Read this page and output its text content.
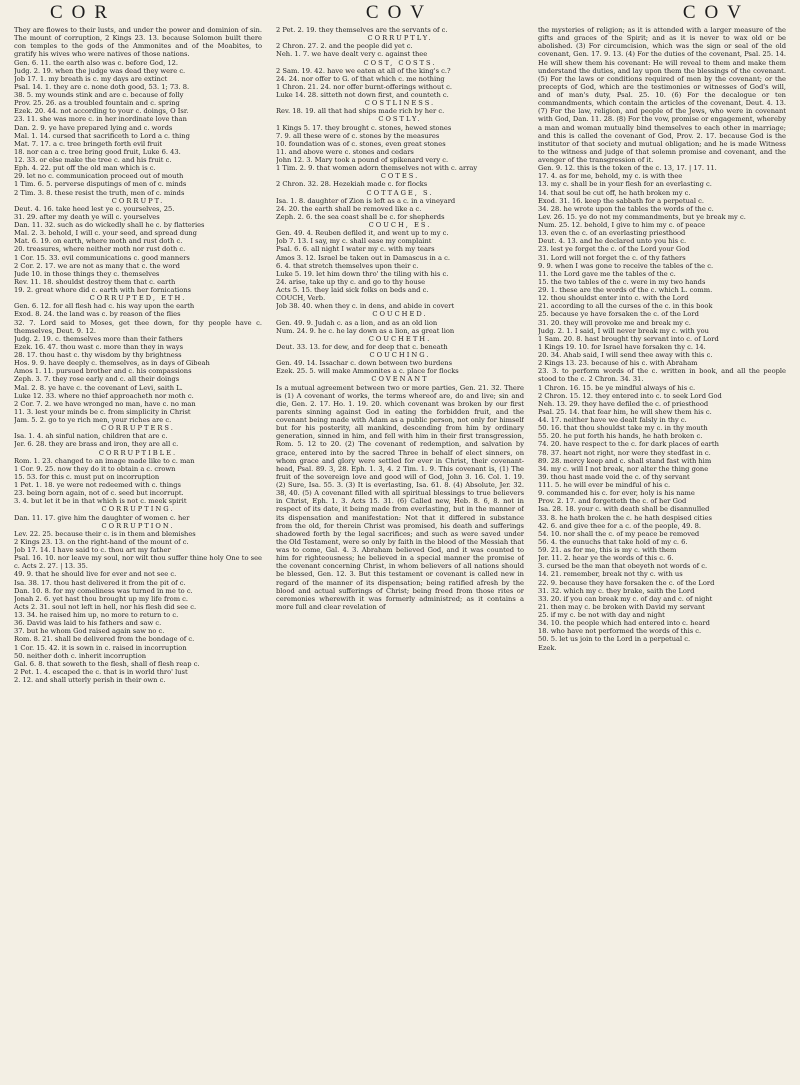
COR	COV	COV

They are flowes to their lusts, and under the power and dominion of sin. The mount of corruption, 2 Kings 23. 13. because Solomon built there con temples to the gods of the Ammonites and of the Moabites, to gratify his wives who were natives of those nations.

Gen. 6. 11. the earth also was c. before God, 12.

Judg. 2. 19. when the judge was dead they were c.

Job 17. 1. my breath is c. my days are extinct

Psal. 14. 1. they are c. none doth good, 53. 1; 73. 8.

38. 5. my wounds stink and are c. because of folly

Prov. 25. 26. as a troubled fountain and c. spring

Ezek. 20. 44. not according to your c. doings, O Isr.

23. 11. she was more c. in her inordinate love than

Dan. 2. 9. ye have prepared lying and c. words

Mal. 1. 14. cursed that sacrificeth to Lord a c. thing

Mat. 7. 17. a c. tree bringeth forth evil fruit

18. nor can a c. tree bring good fruit, Luke 6. 43.

12. 33. or else make the tree c. and his fruit c.

Eph. 4. 22. put off the old man which is c.

29. let no c. communication proceed out of mouth

1 Tim. 6. 5. perverse disputings of men of c. minds

2 Tim. 3. 8. these resist the truth, men of c. minds

CORRUPT.

Deut. 4. 16. take heed lest ye c. yourselves, 25.

31. 29. after my death ye will c. yourselves

Dan. 11. 32. such as do wickedly shall he c. by flatteries

Mal. 2. 3. behold, I will c. your seed, and spread dung

Mat. 6. 19. on earth, where moth and rust doth c.

20. treasures, where neither moth nor rust doth c.

1 Cor. 15. 33. evil communications c. good manners

2 Cor. 2. 17. we are not as many that c. the word

Jude 10. in those things they c. themselves

Rev. 11. 18. shouldst destroy them that c. earth

19. 2. great whore did c. earth with her fornications

CORRUPTED, ETH.

Gen. 6. 12. for all flesh had c. his way upon the earth

Exod. 8. 24. the land was c. by reason of the flies

32. 7. Lord said to Moses, get thee down, for thy people have c. themselves, Deut. 9. 12.

Judg. 2. 19. c. themselves more than their fathers

Ezek. 16. 47. thou wast c. more than they in ways

28. 17. thou hast c. thy wisdom by thy brightness

Hos. 9. 9. have deeply c. themselves, as in days of Gibeah

Amos 1. 11. pursued brother and c. his compassions

Zeph. 3. 7. they rose early and c. all their doings

Mal. 2. 8. ye have c. the covenant of Levi, saith L.

Luke 12. 33. where no thief approacheth nor moth c.

2 Cor. 7. 2. we have wronged no man, have c. no man

11. 3. lest your minds be c. from simplicity in Christ

Jam. 5. 2. go to ye rich men, your riches are c.

CORRUPTERS.

Isa. 1. 4. ah sinful nation, children that are c.

Jer. 6. 28. they are brass and iron, they are all c.

CORRUPTIBLE.

Rom. 1. 23. changed to an image made like to c. man

1 Cor. 9. 25. now they do it to obtain a c. crown

15. 53. for this c. must put on incorruption

1 Pet. 1. 18. ye were not redeemed with c. things

23. being born again, not of c. seed but incorrupt.

3. 4. but let it be in that which is not c. meek spirit

CORRUPTING.

Dan. 11. 17. give him the daughter of women c. her

CORRUPTION.

Lev. 22. 25. because their c. is in them and blemishes

2 Kings 23. 13. on the right-hand of the mount of c.

Job 17. 14. I have said to c. thou art my father

Psal. 16. 10. nor leave my soul, nor wilt thou suffer thine holy One to see c. Acts 2. 27. | 13. 35.

49. 9. that he should live for ever and not see c.

Isa. 38. 17. thou hast delivered it from the pit of c.

Dan. 10. 8. for my comeliness was turned in me to c.

Jonah 2. 6. yet hast thou brought up my life from c.

Acts 2. 31. soul not left in hell, nor his flesh did see c.

13. 34. he raised him up, no more to return to c.

36. David was laid to his fathers and saw c.

37. but he whom God raised again saw no c.

Rom. 8. 21. shall be delivered from the bondage of c.

1 Cor. 15. 42. it is sown in c. raised in incorruption

50. neither doth c. inherit incorruption

Gal. 6. 8. that soweth to the flesh, shall of flesh reap c.

2 Pet. 1. 4. escaped the c. that is in world thro' lust

2. 12. and shall utterly perish in their own c.

2 Pet. 2. 19. they themselves are the servants of c.

CORRUPTLY.

2 Chron. 27. 2. and the people did yet c.

Neh. 1. 7. we have dealt very c. against thee

COST, COSTS.

2 Sam. 19. 42. have we eaten at all of the king's c.?

24. 24. nor offer to G. of that which c. me nothing

1 Chron. 21. 24. nor offer burnt-offerings without c.

Luke 14. 28. sitteth not down first, and counteth c.

COSTLINESS.

Rev. 18. 19. all that had ships made rich by her c.

COSTLY.

1 Kings 5. 17. they brought c. stones, hewed stones

7. 9. all these were of c. stones by the measures

10. foundation was of c. stones, even great stones

11. and above were c. stones and cedars

John 12. 3. Mary took a pound of spikenard very c.

1 Tim. 2. 9. that women adorn themselves not with c. array

COTES.

2 Chron. 32. 28. Hezekiah made c. for flocks

COTTAGE, S.

Isa. 1. 8. daughter of Zion is left as a c. in a vineyard

24. 20. the earth shall be removed like a c.

Zeph. 2. 6. the sea coast shall be c. for shepherds

COUCH, ES.

Gen. 49. 4. Reuben defiled it, and went up to my c.

Job 7. 13. I say, my c. shall ease my complaint

Psal. 6. 6. all night I water my c. with my tears

Amos 3. 12. Israel be taken out in Damascus in a c.

6. 4. that stretch themselves upon their c.

Luke 5. 19. let him down thro' the tiling with his c.

24. arise, take up thy c. and go to thy house

Acts 5. 15. they laid sick folks on beds and c.

COUCH, Verb.

Job 38. 40. when they c. in dens, and abide in covert

COUCHED.

Gen. 49. 9. Judah c. as a lion, and as an old lion

Num. 24. 9. he c. he lay down as a lion, as great lion

COUCHETH.

Deut. 33. 13. for dew, and for deep that c. beneath

COUCHING.

Gen. 49. 14. Issachar c. down between two burdens

Ezek. 25. 5. will make Ammonites a c. place for flocks

COVENANT

Is a mutual agreement between two or more parties, Gen. 21. 32. There is (1) A covenant of works, the terms whereof are, do and live; sin and die, Gen. 2. 17. Ho. 1. 19. 20. which covenant was broken by our first parents sinning against God in eating the forbidden fruit, and the covenant being made with Adam as a public person, not only for himself but for his posterity, all mankind, descending from him by ordinary generation, sinned in him, and fell with him in their first transgression, Rom. 5. 12 to 20. (2) The covenant of redemption, and salvation by grace, entered into by the sacred Three in behalf of elect sinners, on whom grace and glory were settled for ever in Christ, their covenant-head, Psal. 89. 3, 28. Eph. 1. 3, 4. 2 Tim. 1. 9. This covenant is, (1) The fruit of the sovereign love and good will of God, John 3. 16. Col. 1. 19. (2) Sure, Isa. 55. 3. (3) It is everlasting, Isa. 61. 8. (4) Absolute, Jer. 32. 38, 40. (5) A covenant filled with all spiritual blessings to true believers in Christ, Eph. 1. 3. Acts 15. 31. (6) Called new, Heb. 8. 6, 8. not in respect of its date, it being made from everlasting, but in the manner of its dispensation and manifestation: Not that it differed in substance from the old, for therein Christ was promised, his death and sufferings shadowed forth by the legal sacrifices; and such as were saved under the Old Testament, were so only by faith in the blood of the Messiah that was to come, Gal. 4. 3. Abraham believed God, and it was counted to him for righteousness; he believed in a special manner the promise of the covenant concerning Christ, in whom believers of all nations should be blessed, Gen. 12. 3. But this testament or covenant is called new in regard of the manner of its dispensation; being ratified afresh by the blood and actual sufferings of Christ; being freed from those rites or ceremonies wherewith it was formerly administred; as it contains a more full and clear revelation of

the mysteries of religion; as it is attended with a larger measure of the gifts and graces of the Spirit; and as it is never to wax old or be abolished. (3) For circumcision, which was the sign or seal of the old covenant, Gen. 17. 9. 13. (4) For the duties of the covenant, Psal. 25. 14. He will shew them his covenant: He will reveal to them and make them understand the duties, and lay upon them the blessings of the covenant. (5) For the laws or conditions required of men by the covenant; or the precepts of God, which are the testimonies or witnesses of God's will, and of man's duty, Psal. 25. 10. (6) For the decalogue or ten commandments, which contain the articles of the covenant, Deut. 4. 13. (7) For the law, religion, and people of the Jews, who were in covenant with God, Dan. 11. 28. (8) For the vow, promise or engagement, whereby a man and woman mutually bind themselves to each other in marriage; and this is called the covenant of God, Prov. 2. 17. because God is the institutor of that society and mutual obligation; and he is made Witness to the witness and judge of that solemn promise and covenant, and the avenger of the transgression of it.

Gen. 9. 12. this is the token of the c. 13, 17. | 17. 11.

17. 4. as for me, behold, my c. is with thee

13. my c. shall be in your flesh for an everlasting c.

14. that soul be cut off, he hath broken my c.

Exod. 31. 16. keep the sabbath for a perpetual c.

34. 28. he wrote upon the tables the words of the c.

Lev. 26. 15. ye do not my commandments, but ye break my c.

Num. 25. 12. behold, I give to him my c. of peace

13. even the c. of an everlasting priesthood

Deut. 4. 13. and he declared unto you his c.

23. lest ye forget the c. of the Lord your God

31. Lord will not forget the c. of thy fathers

9. 9. when I was gone to receive the tables of the c.

11. the Lord gave me the tables of the c.

15. the two tables of the c. were in my two hands

29. 1. these are the words of the c. which L. comm.

12. thou shouldst enter into c. with the Lord

21. according to all the curses of the c. in this book

25. because ye have forsaken the c. of the Lord

31. 20. they will provoke me and break my c.

Judg. 2. 1. I said, I will never break my c. with you

1 Sam. 20. 8. hast brought thy servant into c. of Lord

1 Kings 19. 10. for Israel have forsaken thy c. 14.

20. 34. Ahab said, I will send thee away with this c.

2 Kings 13. 23. because of his c. with Abraham

23. 3. to perform words of the c. written in book, and all the people stood to the c. 2 Chron. 34. 31.

1 Chron. 16. 15. be ye mindful always of his c.

2 Chron. 15. 12. they entered into c. to seek Lord God

Neh. 13. 29. they have defiled the c. of priesthood

Psal. 25. 14. that fear him, he will shew them his c.

44. 17. neither have we dealt falsly in thy c.

50. 16. that thou shouldst take my c. in thy mouth

55. 20. he put forth his hands, he hath broken c.

74. 20. have respect to the c. for dark places of earth

78. 37. heart not right, nor were they stedfast in c.

89. 28. mercy keep and c. shall stand fast with him

34. my c. will I not break, nor alter the thing gone

39. thou hast made void the c. of thy servant

111. 5. he will ever be mindful of his c.

9. commanded his c. for ever, holy is his name

Prov. 2. 17. and forgetteth the c. of her God

Isa. 28. 18. your c. with death shall be disannulled

33. 8. he hath broken the c. he hath despised cities

42. 6. and give thee for a c. of the people, 49. 8.

54. 10. nor shall the c. of my peace be removed

56. 4. the eunuchs that take hold of my c. 6.

59. 21. as for me, this is my c. with them

Jer. 11. 2. hear ye the words of this c. 6.

3. cursed be the man that obeyeth not words of c.

14. 21. remember, break not thy c. with us

22. 9. because they have forsaken the c. of the Lord

31. 32. which my c. they brake, saith the Lord

33. 20. if you can break my c. of day and c. of night

21. then may c. be broken with David my servant

25. if my c. be not with day and night

34. 10. the people which had entered into c. heard

18. who have not performed the words of this c.

50. 5. let us join to the Lord in a perpetual c.

Ezek.
